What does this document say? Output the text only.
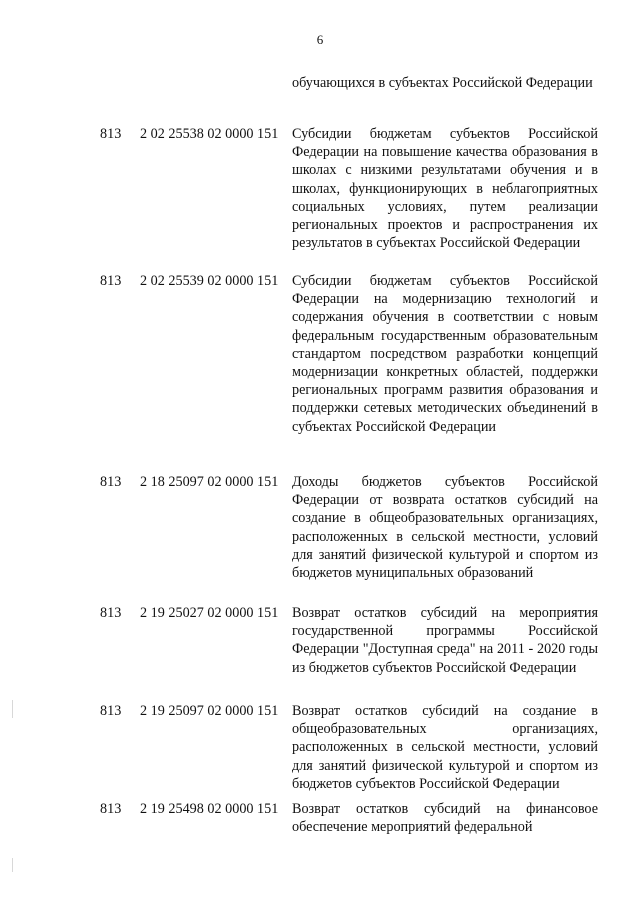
6
обучающихся в субъектах Российской Федерации
813 2 02 25538 02 0000 151 Субсидии бюджетам субъектов Российской Федерации на повышение качества образования в школах с низкими результатами обучения и в школах, функционирующих в неблагоприятных социальных условиях, путем реализации региональных проектов и распространения их результатов в субъектах Российской Федерации
813 2 02 25539 02 0000 151 Субсидии бюджетам субъектов Российской Федерации на модернизацию технологий и содержания обучения в соответствии с новым федеральным государственным образовательным стандартом посредством разработки концепций модернизации конкретных областей, поддержки региональных программ развития образования и поддержки сетевых методических объединений в субъектах Российской Федерации
813 2 18 25097 02 0000 151 Доходы бюджетов субъектов Российской Федерации от возврата остатков субсидий на создание в общеобразовательных организациях, расположенных в сельской местности, условий для занятий физической культурой и спортом из бюджетов муниципальных образований
813 2 19 25027 02 0000 151 Возврат остатков субсидий на мероприятия государственной программы Российской Федерации "Доступная среда" на 2011 - 2020 годы из бюджетов субъектов Российской Федерации
813 2 19 25097 02 0000 151 Возврат остатков субсидий на создание в общеобразовательных организациях, расположенных в сельской местности, условий для занятий физической культурой и спортом из бюджетов субъектов Российской Федерации
813 2 19 25498 02 0000 151 Возврат остатков субсидий на финансовое обеспечение мероприятий федеральной
